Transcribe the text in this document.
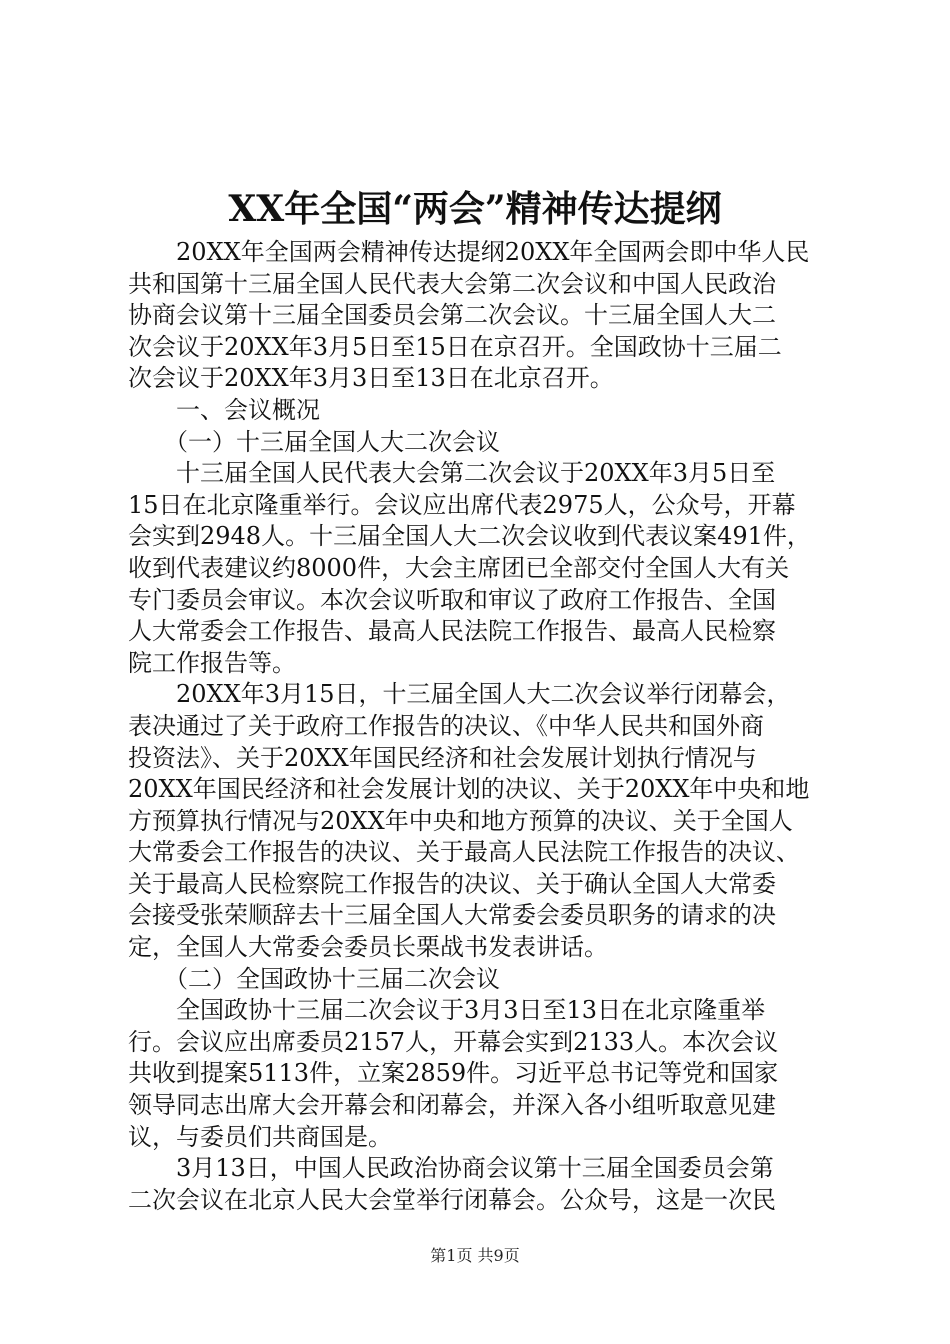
XX年全国“两会”精神传达提纲
　　20XX年全国两会精神传达提纲20XX年全国两会即中华人民
共和国第十三届全国人民代表大会第二次会议和中国人民政治
协商会议第十三届全国委员会第二次会议。十三届全国人大二
次会议于20XX年3月5日至15日在京召开。全国政协十三届二
次会议于20XX年3月3日至13日在北京召开。
　　一、会议概况
　　（一）十三届全国人大二次会议
　　十三届全国人民代表大会第二次会议于20XX年3月5日至
15日在北京隆重举行。会议应出席代表2975人，公众号，开幕
会实到2948人。十三届全国人大二次会议收到代表议案491件，
收到代表建议约8000件，大会主席团已全部交付全国人大有关
专门委员会审议。本次会议听取和审议了政府工作报告、全国
人大常委会工作报告、最高人民法院工作报告、最高人民检察
院工作报告等。
　　20XX年3月15日，十三届全国人大二次会议举行闭幕会，
表决通过了关于政府工作报告的决议、《中华人民共和国外商
投资法》、关于20XX年国民经济和社会发展计划执行情况与
20XX年国民经济和社会发展计划的决议、关于20XX年中央和地
方预算执行情况与20XX年中央和地方预算的决议、关于全国人
大常委会工作报告的决议、关于最高人民法院工作报告的决议、
关于最高人民检察院工作报告的决议、关于确认全国人大常委
会接受张荣顺辞去十三届全国人大常委会委员职务的请求的决
定，全国人大常委会委员长栗战书发表讲话。
　　（二）全国政协十三届二次会议
　　全国政协十三届二次会议于3月3日至13日在北京隆重举
行。会议应出席委员2157人，开幕会实到2133人。本次会议
共收到提案5113件，立案2859件。习近平总书记等党和国家
领导同志出席大会开幕会和闭幕会，并深入各小组听取意见建
议，与委员们共商国是。
　　3月13日，中国人民政治协商会议第十三届全国委员会第
二次会议在北京人民大会堂举行闭幕会。公众号，这是一次民
第1页 共9页
